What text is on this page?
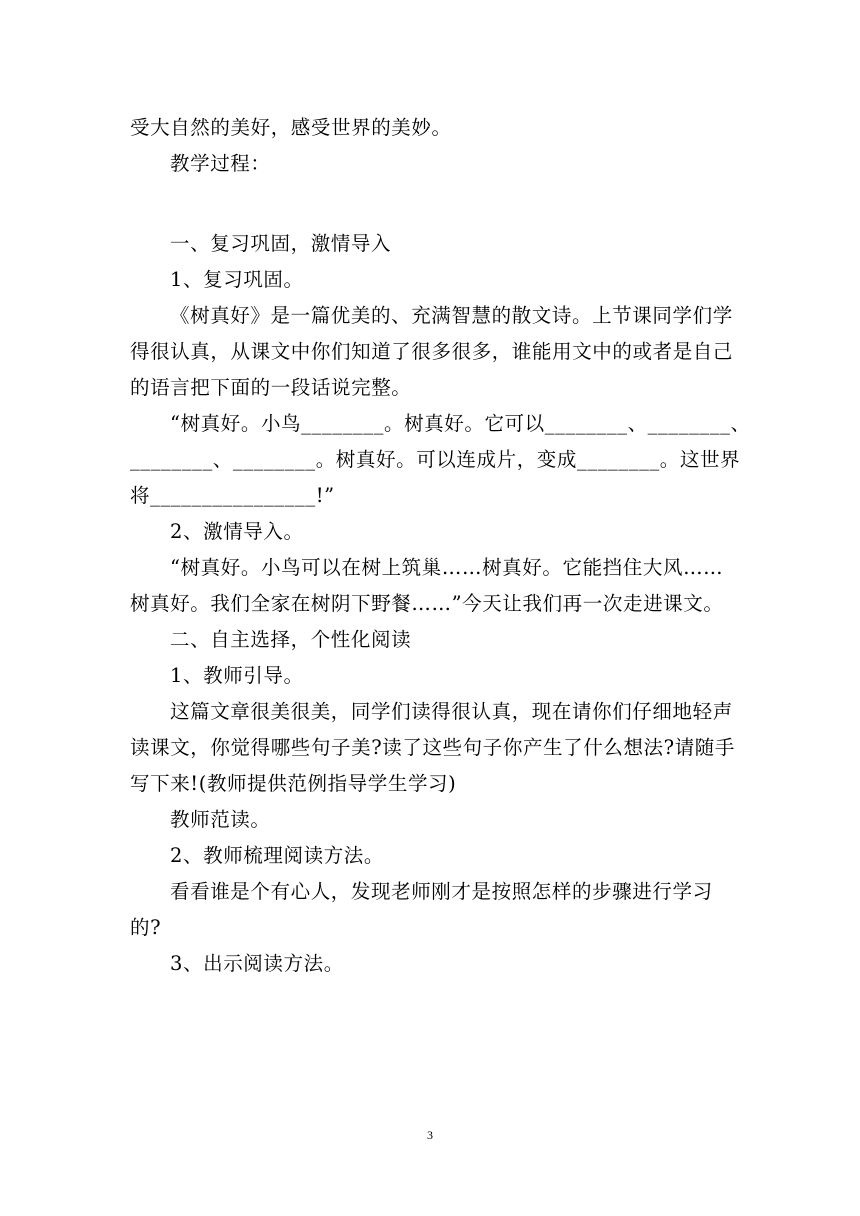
受大自然的美好，感受世界的美妙。
教学过程：
一、复习巩固，激情导入
1、复习巩固。
《树真好》是一篇优美的、充满智慧的散文诗。上节课同学们学
得很认真，从课文中你们知道了很多很多，谁能用文中的或者是自己
的语言把下面的一段话说完整。
“树真好。小鸟________。树真好。它可以________、________、
________、________。树真好。可以连成片，变成________。这世界
将________________!”
2、激情导入。
“树真好。小鸟可以在树上筑巢……树真好。它能挡住大风……
树真好。我们全家在树阴下野餐……”今天让我们再一次走进课文。
二、自主选择，个性化阅读
1、教师引导。
这篇文章很美很美，同学们读得很认真，现在请你们仔细地轻声
读课文，你觉得哪些句子美?读了这些句子你产生了什么想法?请随手
写下来!(教师提供范例指导学生学习)
教师范读。
2、教师梳理阅读方法。
看看谁是个有心人，发现老师刚才是按照怎样的步骤进行学习
的?
3、出示阅读方法。
3
